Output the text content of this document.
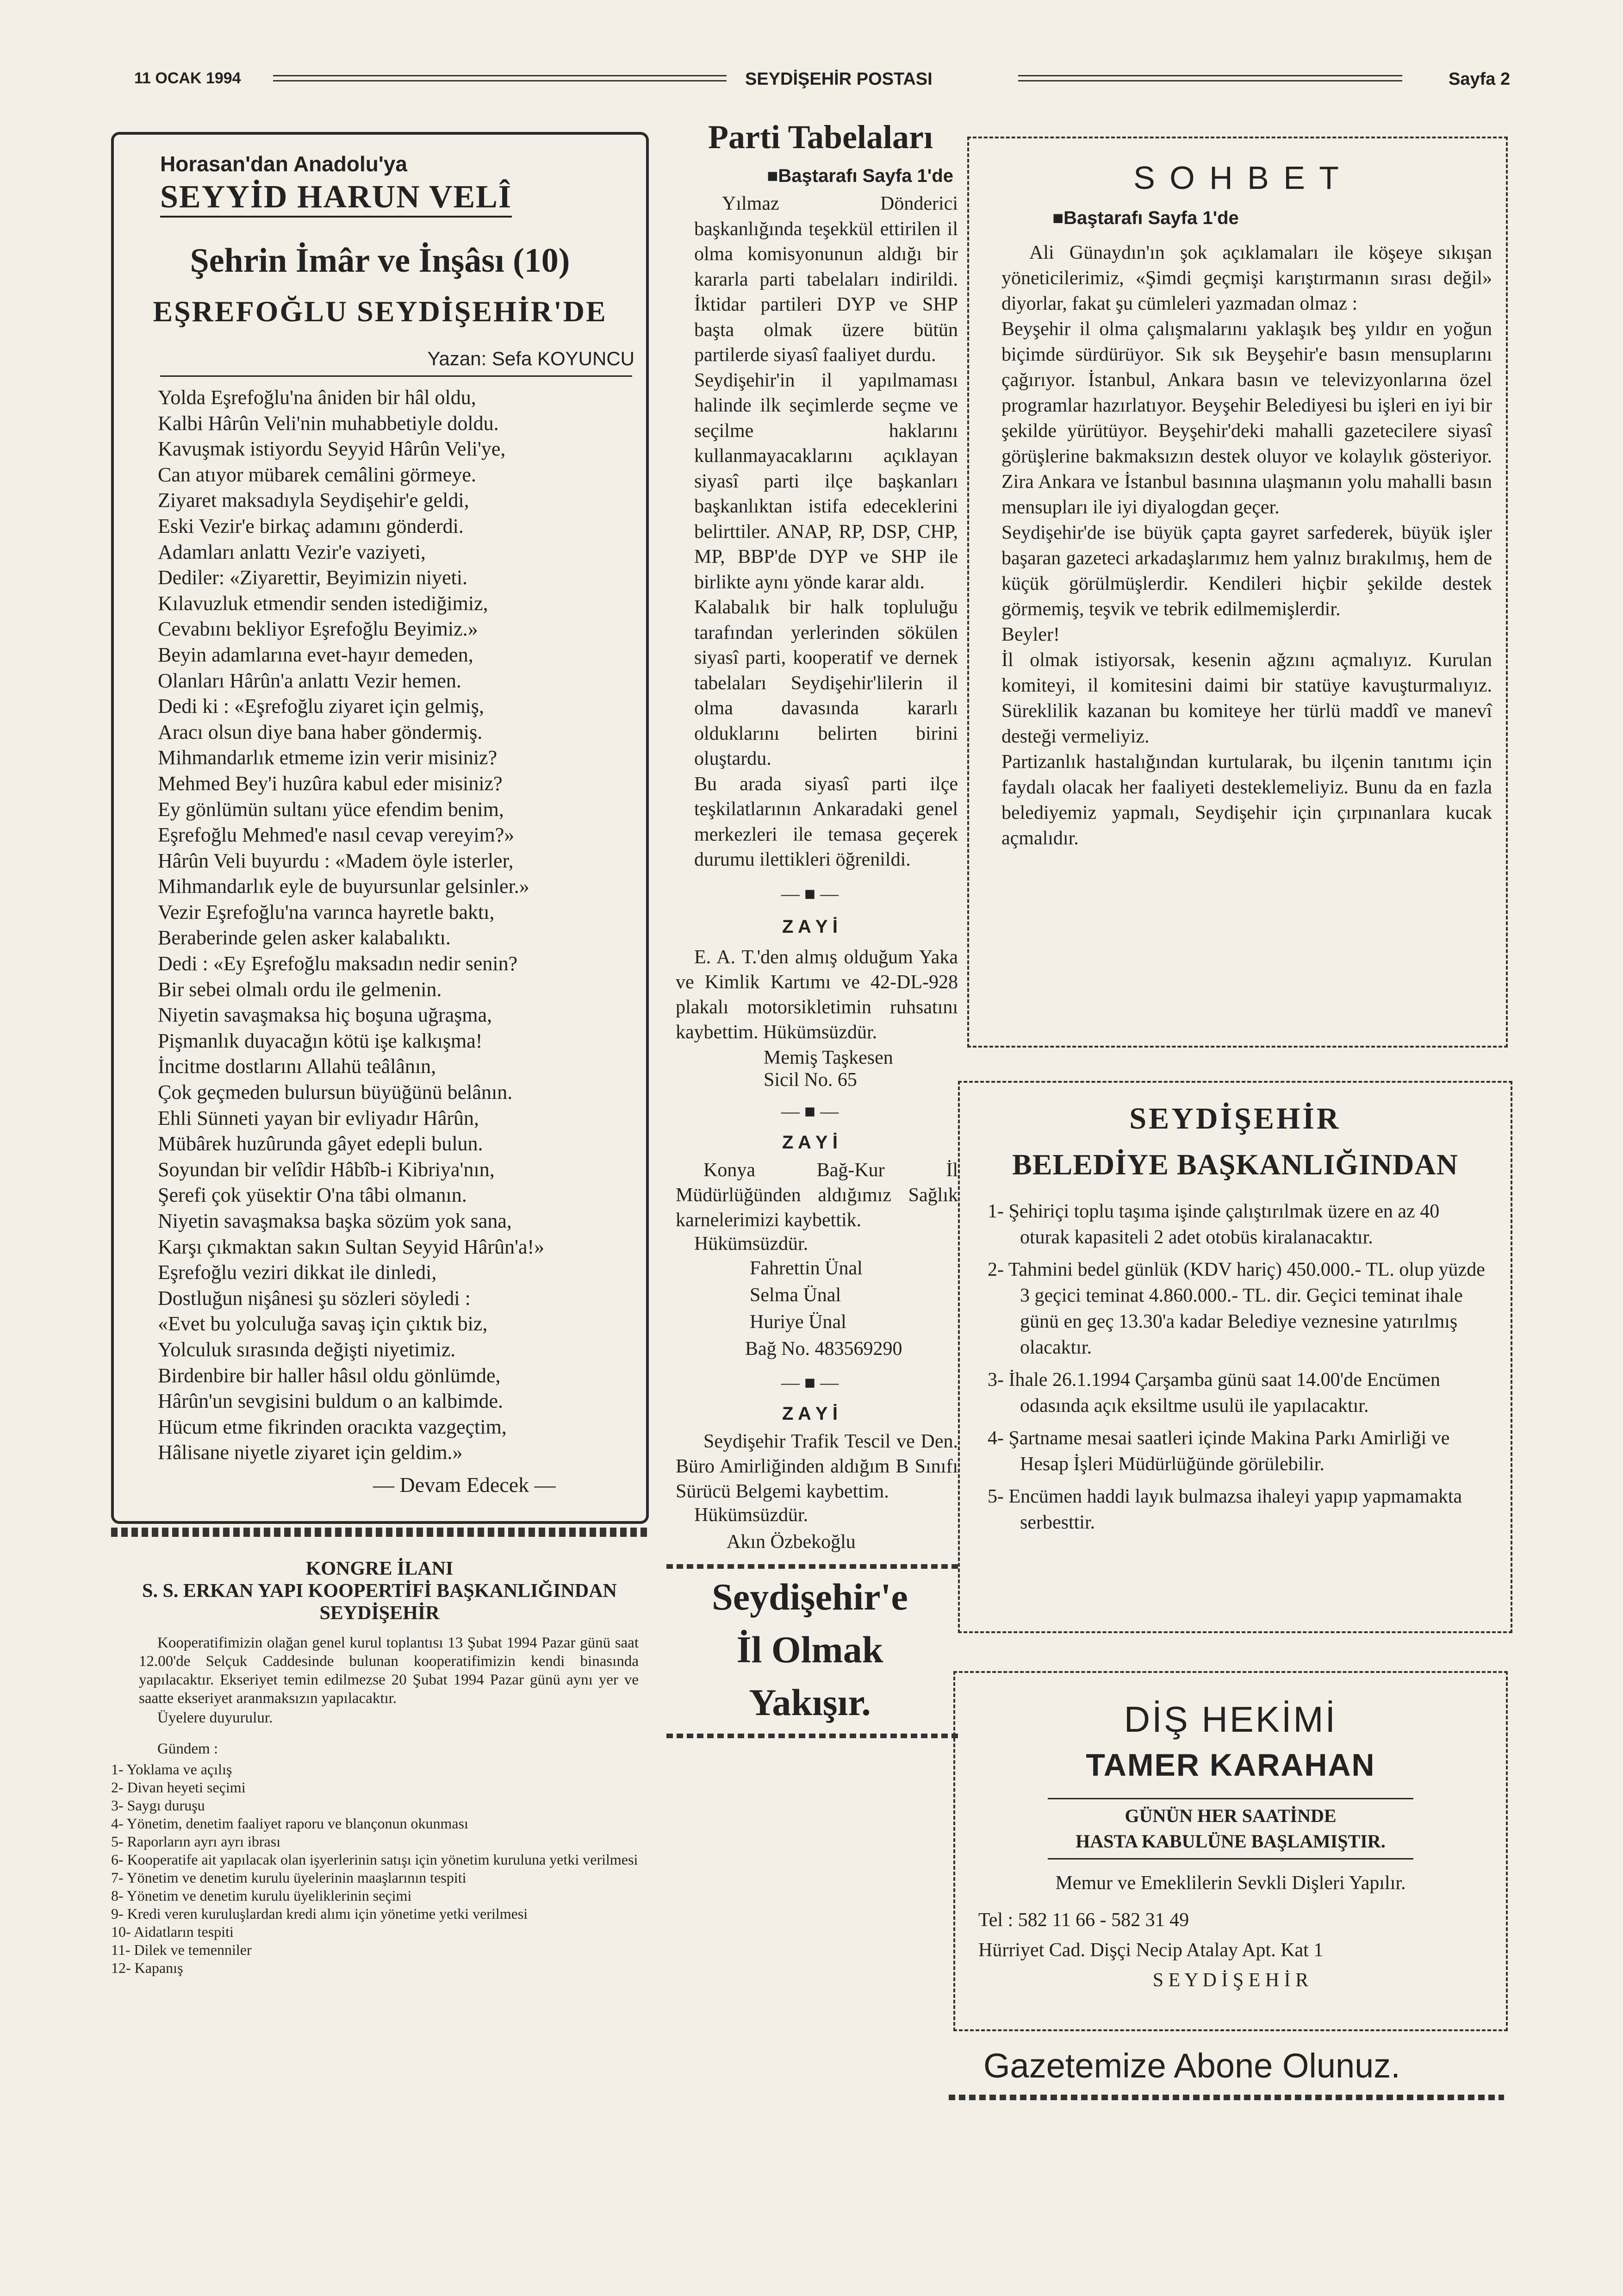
11 OCAK 1994	SEYDİŞEHİR POSTASI	Sayfa 2
Horasan'dan Anadolu'ya
SEYYİD HARUN VELÎ
Şehrin İmâr ve İnşâsı (10)
EŞREFOĞLU SEYDİŞEHİR'DE
Yazan: Sefa KOYUNCU
Yolda Eşrefoğlu'na âniden bir hâl oldu,
Kalbi Hârûn Veli'nin muhabbetiyle doldu.
Kavuşmak istiyordu Seyyid Hârûn Veli'ye,
Can atıyor mübarek cemâlini görmeye.
Ziyaret maksadıyla Seydişehir'e geldi,
Eski Vezir'e birkaç adamını gönderdi.
Adamları anlattı Vezir'e vaziyeti,
Dediler: «Ziyarettir, Beyimizin niyeti.
Kılavuzluk etmendir senden istediğimiz,
Cevabını bekliyor Eşrefoğlu Beyimiz.»
Beyin adamlarına evet-hayır demeden,
Olanları Hârûn'a anlattı Vezir hemen.
Dedi ki : «Eşrefoğlu ziyaret için gelmiş,
Aracı olsun diye bana haber göndermiş.
Mihmandarlık etmeme izin verir misiniz?
Mehmed Bey'i huzûra kabul eder misiniz?
Ey gönlümün sultanı yüce efendim benim,
Eşrefoğlu Mehmed'e nasıl cevap vereyim?»
Hârûn Veli buyurdu : «Madem öyle isterler,
Mihmandarlık eyle de buyursunlar gelsinler.»
Vezir Eşrefoğlu'na varınca hayretle baktı,
Beraberinde gelen asker kalabalıktı.
Dedi : «Ey Eşrefoğlu maksadın nedir senin?
Bir sebei olmalı ordu ile gelmenin.
Niyetin savaşmaksa hiç boşuna uğraşma,
Pişmanlık duyacağın kötü işe kalkışma!
İncitme dostlarını Allahü teâlânın,
Çok geçmeden bulursun büyüğünü belânın.
Ehli Sünneti yayan bir evliyadır Hârûn,
Mübârek huzûrunda gâyet edepli bulun.
Soyundan bir velîdir Hâbîb-i Kibriya'nın,
Şerefi çok yüsektir O'na tâbi olmanın.
Niyetin savaşmaksa başka sözüm yok sana,
Karşı çıkmaktan sakın Sultan Seyyid Hârûn'a!»
Eşrefoğlu veziri dikkat ile dinledi,
Dostluğun nişânesi şu sözleri söyledi :
«Evet bu yolculuğa savaş için çıktık biz,
Yolculuk sırasında değişti niyetimiz.
Birdenbire bir haller hâsıl oldu gönlümde,
Hârûn'un sevgisini buldum o an kalbimde.
Hücum etme fikrinden oracıkta vazgeçtim,
Hâlisane niyetle ziyaret için geldim.»
— Devam Edecek —
KONGRE İLANI
S. S. ERKAN YAPI KOOPERTİFİ BAŞKANLIĞINDAN
SEYDİŞEHİR
Kooperatifimizin olağan genel kurul toplantısı 13 Şubat 1994 Pazar günü saat 12.00'de Selçuk Caddesinde bulunan kooperatifimizin kendi binasında yapılacaktır. Ekseriyet temin edilmezse 20 Şubat 1994 Pazar günü aynı yer ve saatte ekseriyet aranmaksızın yapılacaktır.
Üyelere duyurulur.
Gündem :
1- Yoklama ve açılış
2- Divan heyeti seçimi
3- Saygı duruşu
4- Yönetim, denetim faaliyet raporu ve blançonun okunması
5- Raporların ayrı ayrı ibrası
6- Kooperatife ait yapılacak olan işyerlerinin satışı için yönetim kuruluna yetki verilmesi
7- Yönetim ve denetim kurulu üyelerinin maaşlarının tespiti
8- Yönetim ve denetim kurulu üyeliklerinin seçimi
9- Kredi veren kuruluşlardan kredi alımı için yönetime yetki verilmesi
10- Aidatların tespiti
11- Dilek ve temenniler
12- Kapanış
Parti Tabelaları
■Baştarafı Sayfa 1'de
Yılmaz Dönderici başkanlığında teşekkül ettirilen il olma komisyonunun aldığı bir kararla parti tabelaları indirildi. İktidar partileri DYP ve SHP başta olmak üzere bütün partilerde siyasî faaliyet durdu.
Seydişehir'in il yapılmaması halinde ilk seçimlerde seçme ve seçilme haklarını kullanmayacaklarını açıklayan siyasî parti ilçe başkanları başkanlıktan istifa edeceklerini belirttiler. ANAP, RP, DSP, CHP, MP, BBP'de DYP ve SHP ile birlikte aynı yönde karar aldı.
Kalabalık bir halk topluluğu tarafından yerlerinden sökülen siyasî parti, kooperatif ve dernek tabelaları Seydişehir'lilerin il olma davasında kararlı olduklarını belirten birini oluştardu.
Bu arada siyasî parti ilçe teşkilatlarının Ankaradaki genel merkezleri ile temasa geçerek durumu ilettikleri öğrenildi.
— ■ —
Z A Y İ
E. A. T.'den almış olduğum Yaka ve Kimlik Kartımı ve 42-DL-928 plakalı motorsikletimin ruhsatını kaybettim. Hükümsüzdür.
Memiş Taşkesen
Sicil No. 65
— ■ —
Z A Y İ
Konya Bağ-Kur İl Müdürlüğünden aldığımız Sağlık karnelerimizi kaybettik.
Hükümsüzdür.
Fahrettin Ünal
Selma Ünal
Huriye Ünal
Bağ No. 483569290
— ■ —
Z A Y İ
Seydişehir Trafik Tescil ve Den. Büro Amirliğinden aldığım B Sınıfı Sürücü Belgemi kaybettim.
Hükümsüzdür.
Akın Özbekoğlu
Seydişehir'e
İl Olmak
Yakışır.
S O H B E T
■Baştarafı Sayfa 1'de
Ali Günaydın'ın şok açıklamaları ile köşeye sıkışan yöneticilerimiz, «Şimdi geçmişi karıştırmanın sırası değil» diyorlar, fakat şu cümleleri yazmadan olmaz :
Beyşehir il olma çalışmalarını yaklaşık beş yıldır en yoğun biçimde sürdürüyor. Sık sık Beyşehir'e basın mensuplarını çağırıyor. İstanbul, Ankara basın ve televizyonlarına özel programlar hazırlatıyor. Beyşehir Belediyesi bu işleri en iyi bir şekilde yürütüyor. Beyşehir'deki mahalli gazetecilere siyasî görüşlerine bakmaksızın destek oluyor ve kolaylık gösteriyor. Zira Ankara ve İstanbul basınına ulaşmanın yolu mahalli basın mensupları ile iyi diyalogdan geçer.
Seydişehir'de ise büyük çapta gayret sarfederek, büyük işler başaran gazeteci arkadaşlarımız hem yalnız bırakılmış, hem de küçük görülmüşlerdir. Kendileri hiçbir şekilde destek görmemiş, teşvik ve tebrik edilmemişlerdir.
Beyler!
İl olmak istiyorsak, kesenin ağzını açmalıyız. Kurulan komiteyi, il komitesini daimi bir statüye kavuşturmalıyız. Süreklilik kazanan bu komiteye her türlü maddî ve manevî desteği vermeliyiz.
Partizanlık hastalığından kurtularak, bu ilçenin tanıtımı için faydalı olacak her faaliyeti desteklemeliyiz. Bunu da en fazla belediyemiz yapmalı, Seydişehir için çırpınanlara kucak açmalıdır.
SEYDİŞEHİR
BELEDİYE BAŞKANLIĞINDAN
1- Şehiriçi toplu taşıma işinde çalıştırılmak üzere en az 40 oturak kapasiteli 2 adet otobüs kiralanacaktır.
2- Tahmini bedel günlük (KDV hariç) 450.000.- TL. olup yüzde 3 geçici teminat 4.860.000.- TL. dir. Geçici teminat ihale günü en geç 13.30'a kadar Belediye veznesine yatırılmış olacaktır.
3- İhale 26.1.1994 Çarşamba günü saat 14.00'de Encümen odasında açık eksiltme usulü ile yapılacaktır.
4- Şartname mesai saatleri içinde Makina Parkı Amirliği ve Hesap İşleri Müdürlüğünde görülebilir.
5- Encümen haddi layık bulmazsa ihaleyi yapıp yapmamakta serbesttir.
DİŞ HEKİMİ
TAMER KARAHAN
GÜNÜN HER SAATİNDE
HASTA KABULÜNE BAŞLAMIŞTIR.
Memur ve Emeklilerin Sevkli Dişleri Yapılır.
Tel : 582 11 66 - 582 31 49
Hürriyet Cad. Dişçi Necip Atalay Apt. Kat 1
S E Y D İ Ş E H İ R
Gazetemize Abone Olunuz.
